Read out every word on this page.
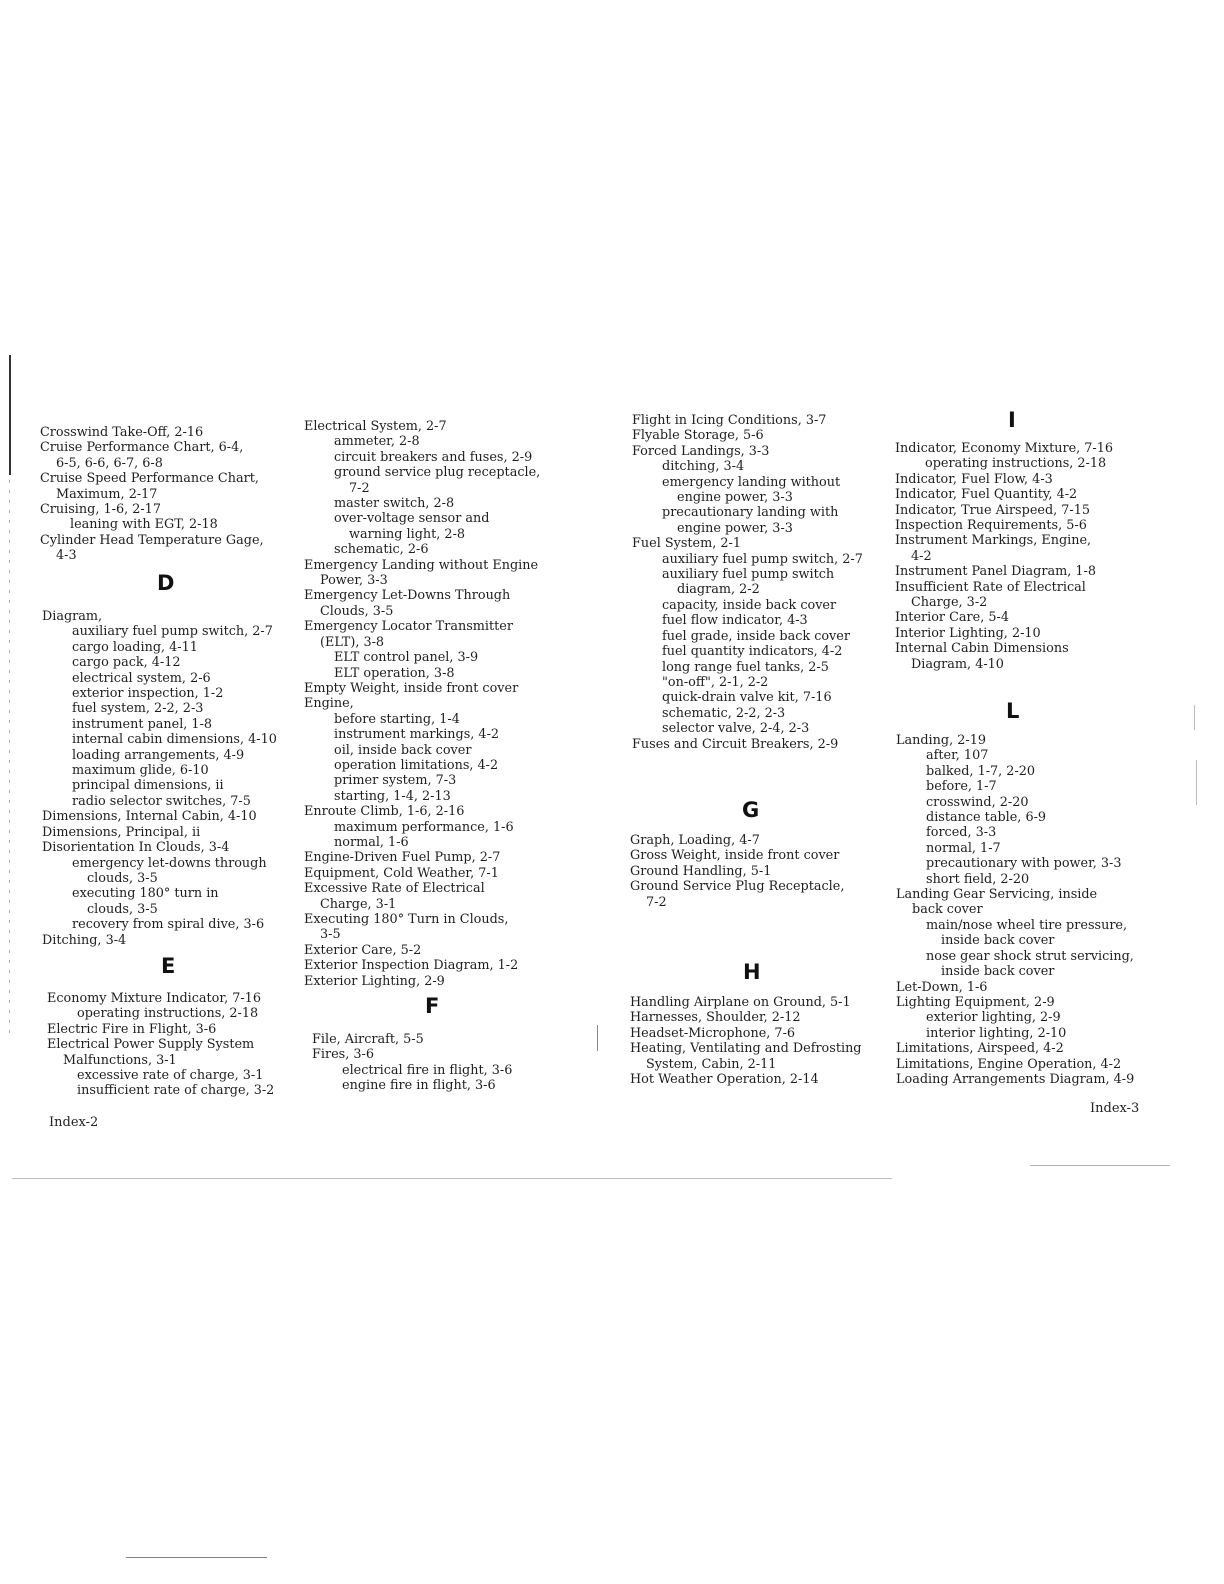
Crosswind Take-Off, 2-16
Cruise Performance Chart, 6-4,
6-5, 6-6, 6-7, 6-8
Cruise Speed Performance Chart,
Maximum, 2-17
Cruising, 1-6, 2-17
leaning with EGT, 2-18
Cylinder Head Temperature Gage,
4-3
D
Diagram,
auxiliary fuel pump switch, 2-7
cargo loading, 4-11
cargo pack, 4-12
electrical system, 2-6
exterior inspection, 1-2
fuel system, 2-2, 2-3
instrument panel, 1-8
internal cabin dimensions, 4-10
loading arrangements, 4-9
maximum glide, 6-10
principal dimensions, ii
radio selector switches, 7-5
Dimensions, Internal Cabin, 4-10
Dimensions, Principal, ii
Disorientation In Clouds, 3-4
emergency let-downs through
clouds, 3-5
executing 180° turn in
clouds, 3-5
recovery from spiral dive, 3-6
Ditching, 3-4
E
Economy Mixture Indicator, 7-16
operating instructions, 2-18
Electric Fire in Flight, 3-6
Electrical Power Supply System
Malfunctions, 3-1
excessive rate of charge, 3-1
insufficient rate of charge, 3-2
Index-2
Electrical System, 2-7
ammeter, 2-8
circuit breakers and fuses, 2-9
ground service plug receptacle,
7-2
master switch, 2-8
over-voltage sensor and
warning light, 2-8
schematic, 2-6
Emergency Landing without Engine
Power, 3-3
Emergency Let-Downs Through
Clouds, 3-5
Emergency Locator Transmitter
(ELT), 3-8
ELT control panel, 3-9
ELT operation, 3-8
Empty Weight, inside front cover
Engine,
before starting, 1-4
instrument markings, 4-2
oil, inside back cover
operation limitations, 4-2
primer system, 7-3
starting, 1-4, 2-13
Enroute Climb, 1-6, 2-16
maximum performance, 1-6
normal, 1-6
Engine-Driven Fuel Pump, 2-7
Equipment, Cold Weather, 7-1
Excessive Rate of Electrical
Charge, 3-1
Executing 180° Turn in Clouds,
3-5
Exterior Care, 5-2
Exterior Inspection Diagram, 1-2
Exterior Lighting, 2-9
F
File, Aircraft, 5-5
Fires, 3-6
electrical fire in flight, 3-6
engine fire in flight, 3-6
Flight in Icing Conditions, 3-7
Flyable Storage, 5-6
Forced Landings, 3-3
ditching, 3-4
emergency landing without
engine power, 3-3
precautionary landing with
engine power, 3-3
Fuel System, 2-1
auxiliary fuel pump switch, 2-7
auxiliary fuel pump switch
diagram, 2-2
capacity, inside back cover
fuel flow indicator, 4-3
fuel grade, inside back cover
fuel quantity indicators, 4-2
long range fuel tanks, 2-5
"on-off", 2-1, 2-2
quick-drain valve kit, 7-16
schematic, 2-2, 2-3
selector valve, 2-4, 2-3
Fuses and Circuit Breakers, 2-9
G
Graph, Loading, 4-7
Gross Weight, inside front cover
Ground Handling, 5-1
Ground Service Plug Receptacle,
7-2
H
Handling Airplane on Ground, 5-1
Harnesses, Shoulder, 2-12
Headset-Microphone, 7-6
Heating, Ventilating and Defrosting
System, Cabin, 2-11
Hot Weather Operation, 2-14
I
Indicator, Economy Mixture, 7-16
operating instructions, 2-18
Indicator, Fuel Flow, 4-3
Indicator, Fuel Quantity, 4-2
Indicator, True Airspeed, 7-15
Inspection Requirements, 5-6
Instrument Markings, Engine,
4-2
Instrument Panel Diagram, 1-8
Insufficient Rate of Electrical
Charge, 3-2
Interior Care, 5-4
Interior Lighting, 2-10
Internal Cabin Dimensions
Diagram, 4-10
L
Landing, 2-19
after, 107
balked, 1-7, 2-20
before, 1-7
crosswind, 2-20
distance table, 6-9
forced, 3-3
normal, 1-7
precautionary with power, 3-3
short field, 2-20
Landing Gear Servicing, inside
back cover
main/nose wheel tire pressure,
inside back cover
nose gear shock strut servicing,
inside back cover
Let-Down, 1-6
Lighting Equipment, 2-9
exterior lighting, 2-9
interior lighting, 2-10
Limitations, Airspeed, 4-2
Limitations, Engine Operation, 4-2
Loading Arrangements Diagram, 4-9
Index-3
